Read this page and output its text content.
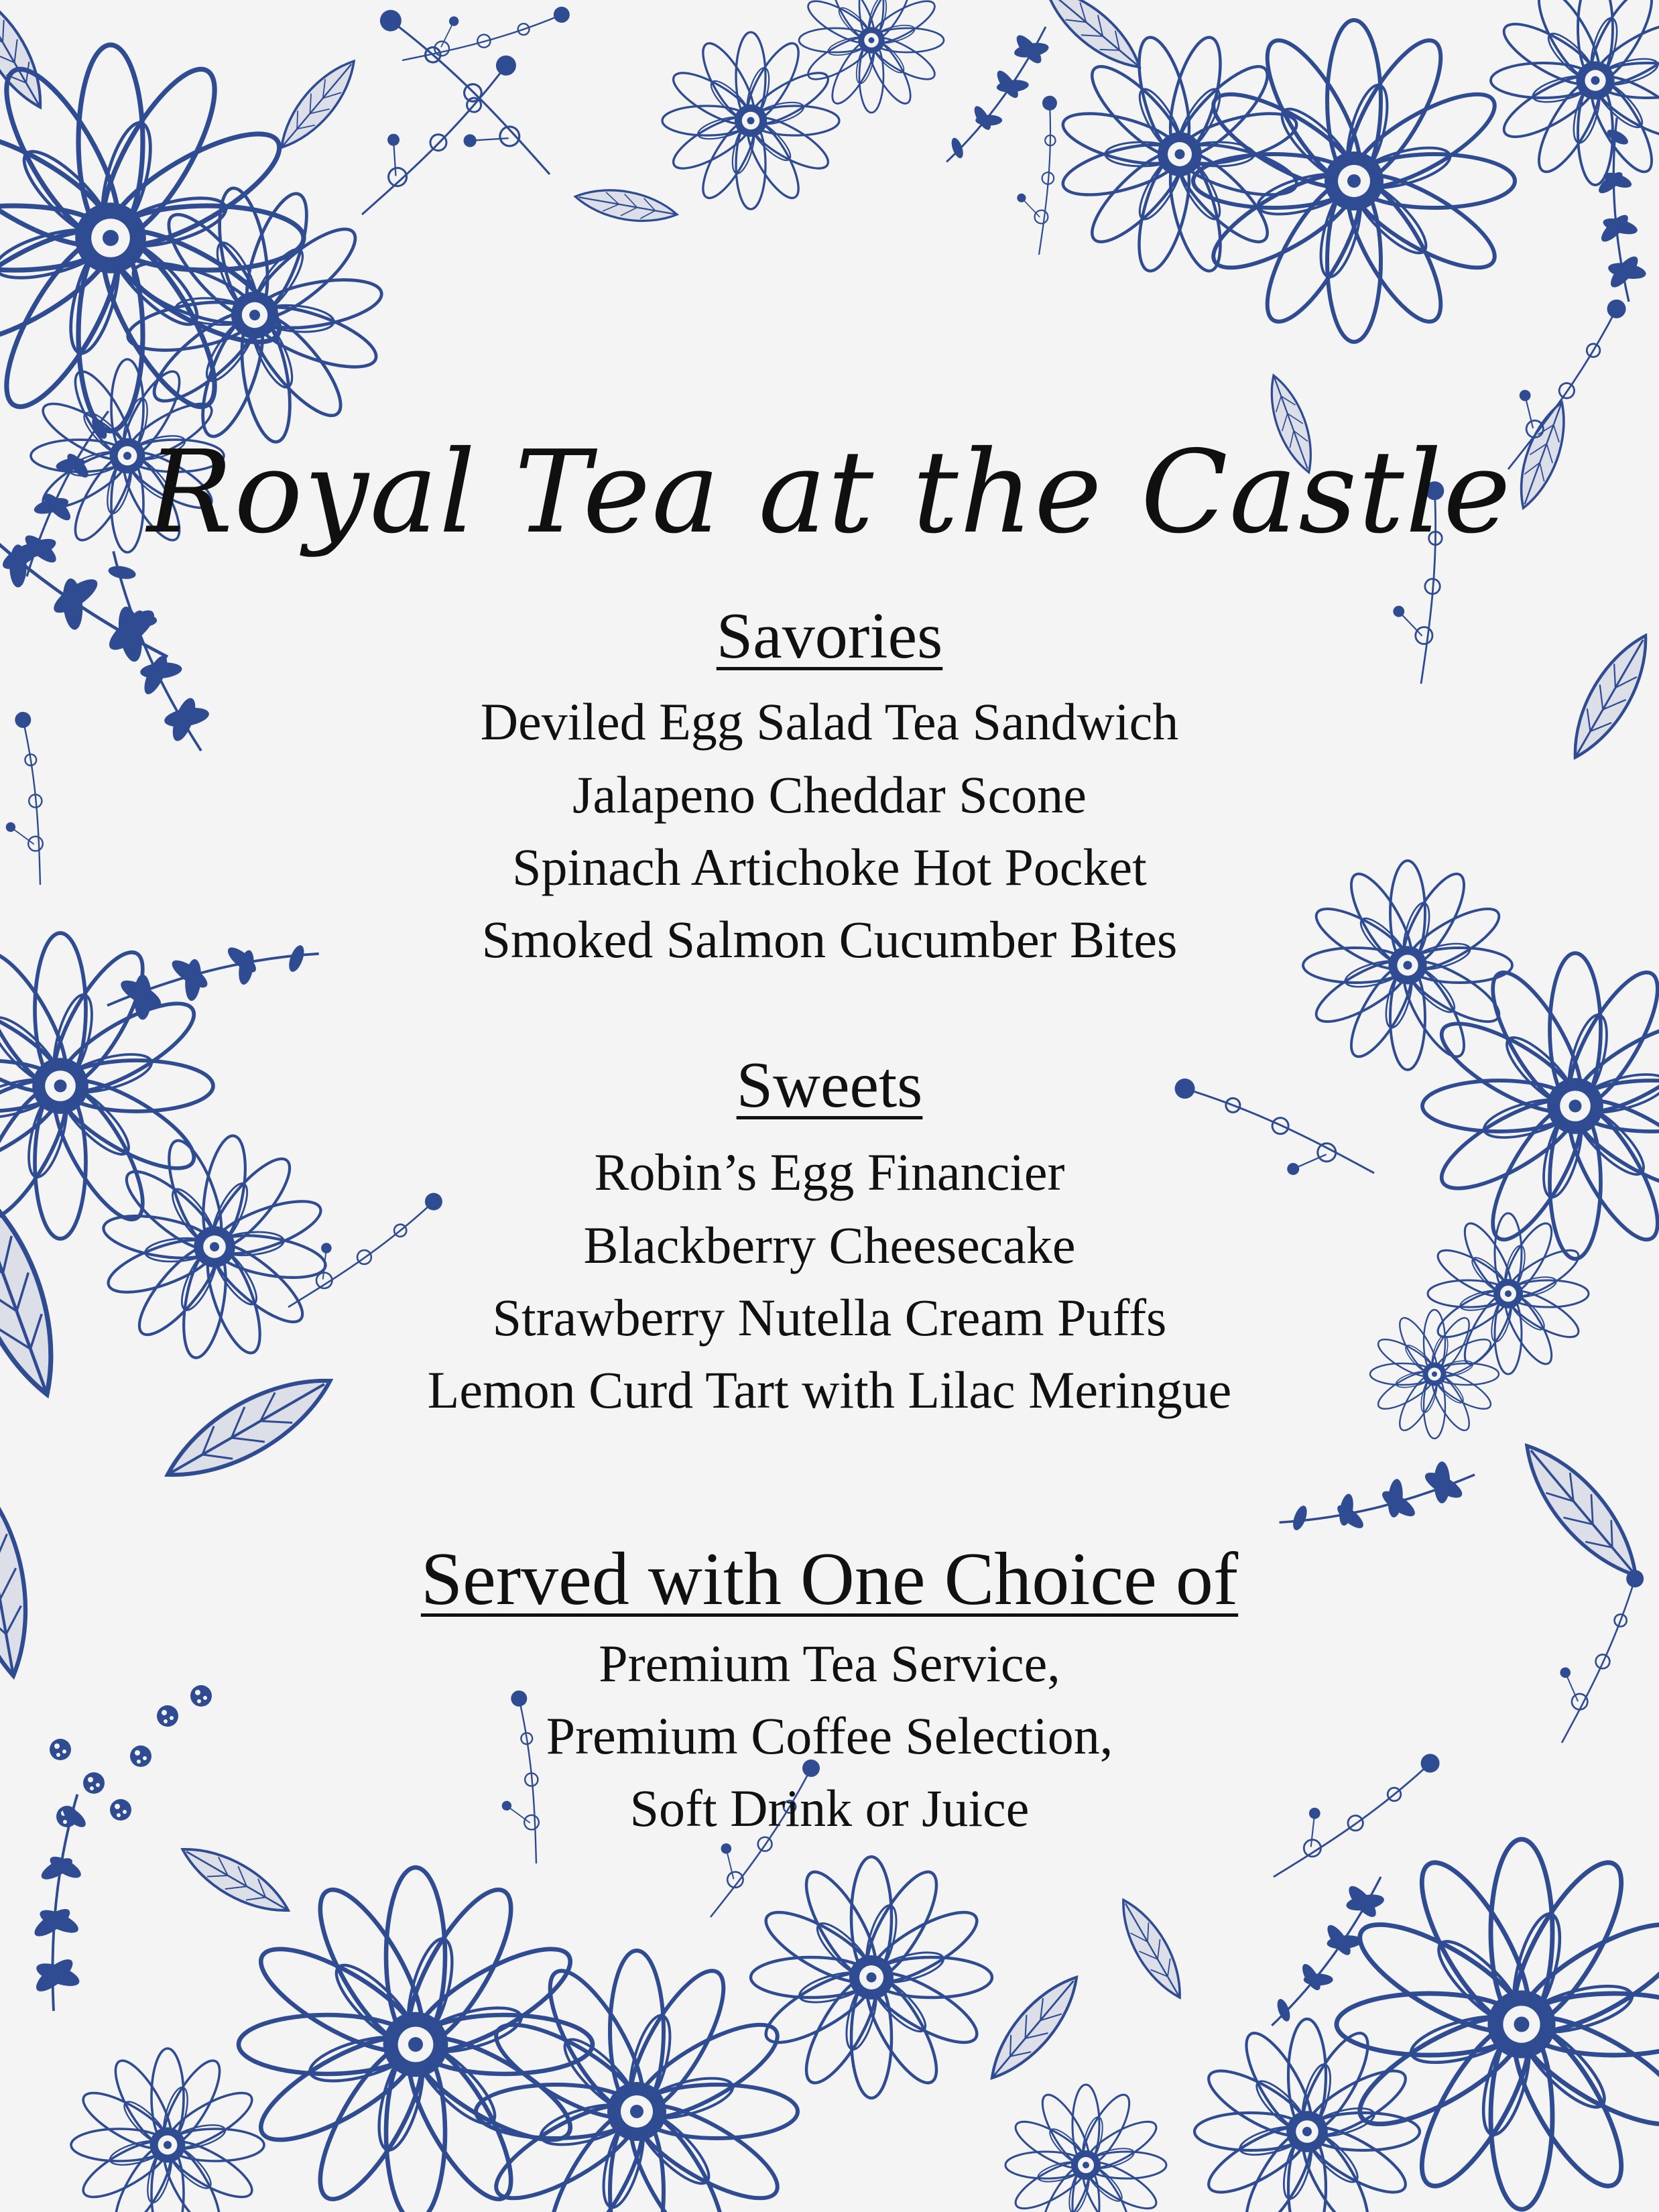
Royal Tea at the Castle
Savories
Deviled Egg Salad Tea Sandwich
Jalapeno Cheddar Scone
Spinach Artichoke Hot Pocket
Smoked Salmon Cucumber Bites
Sweets
Robin’s Egg Financier
Blackberry Cheesecake
Strawberry Nutella Cream Puffs
Lemon Curd Tart with Lilac Meringue
Served with One Choice of
Premium Tea Service,
Premium Coffee Selection,
Soft Drink or Juice
